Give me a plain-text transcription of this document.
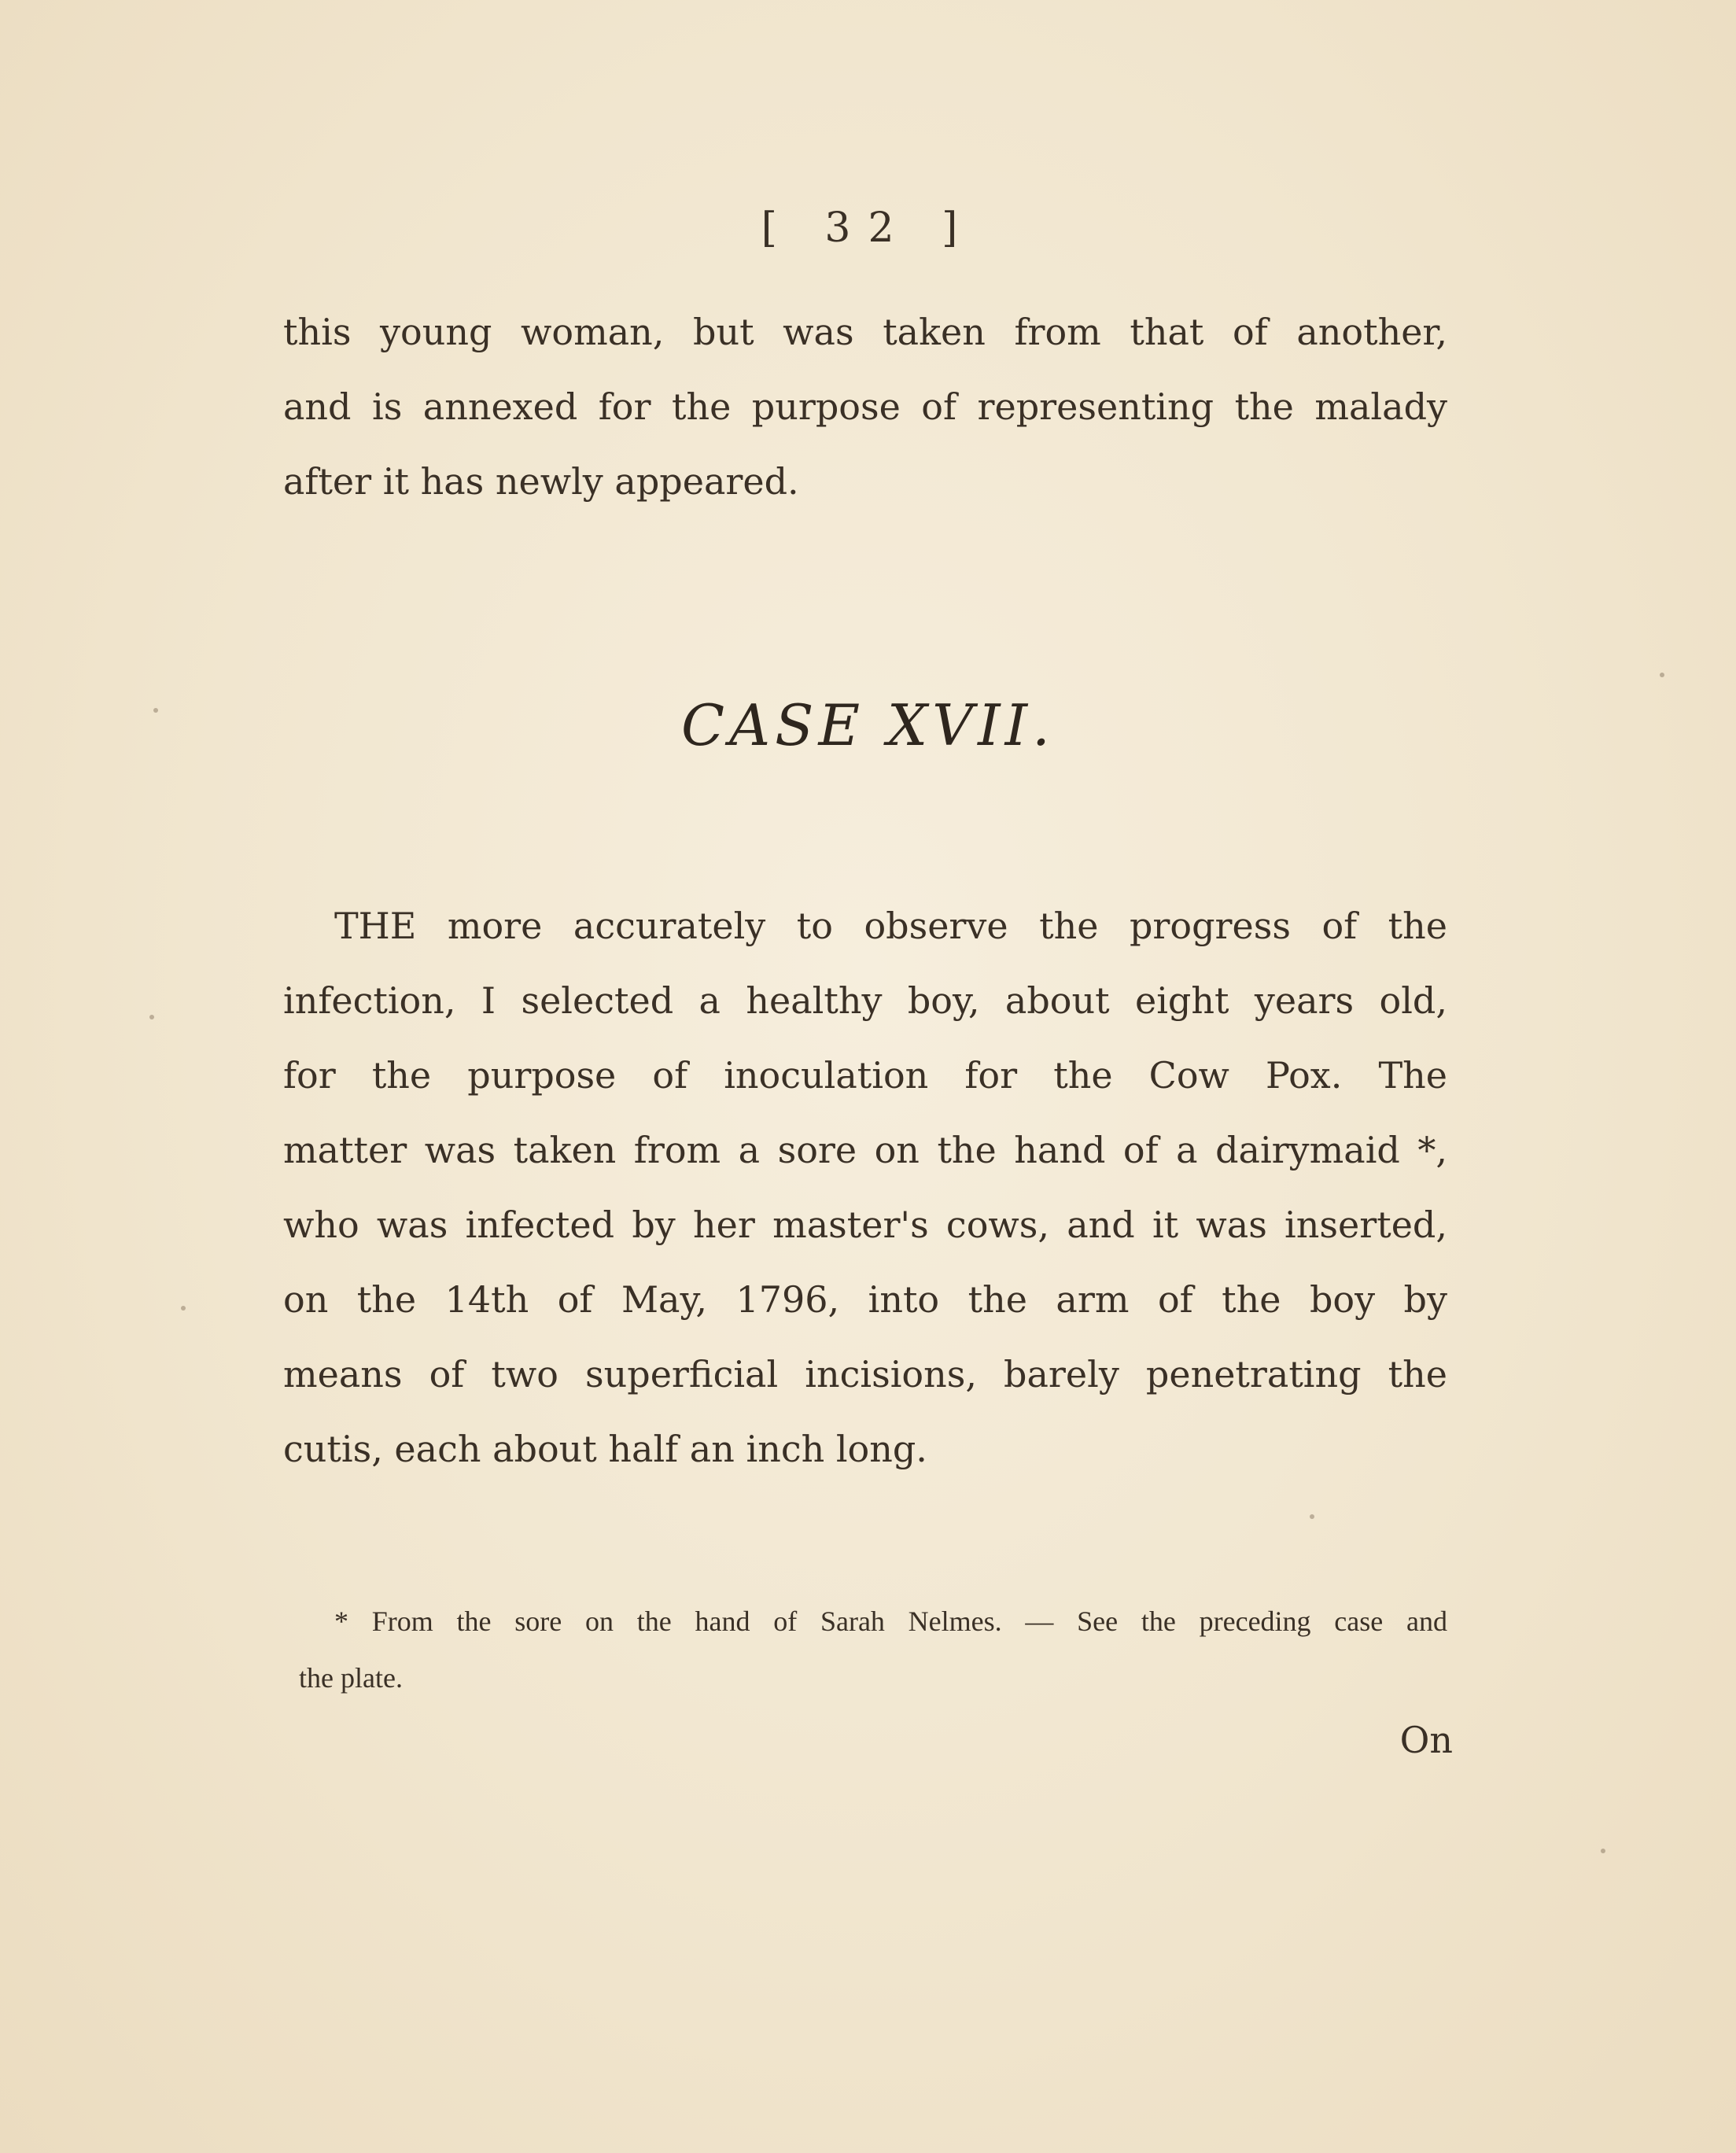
[ 32 ]
this young woman, but was taken from that of another,
and is annexed for the purpose of representing the malady
after it has newly appeared.
CASE XVII.
THE more accurately to observe the progress of the
infection, I selected a healthy boy, about eight years old,
for the purpose of inoculation for the Cow Pox. The
matter was taken from a sore on the hand of a dairymaid *,
who was infected by her master's cows, and it was inserted,
on the 14th of May, 1796, into the arm of the boy by
means of two superficial incisions, barely penetrating the
cutis, each about half an inch long.
* From the sore on the hand of Sarah Nelmes. — See the preceding case and
the plate.
On
